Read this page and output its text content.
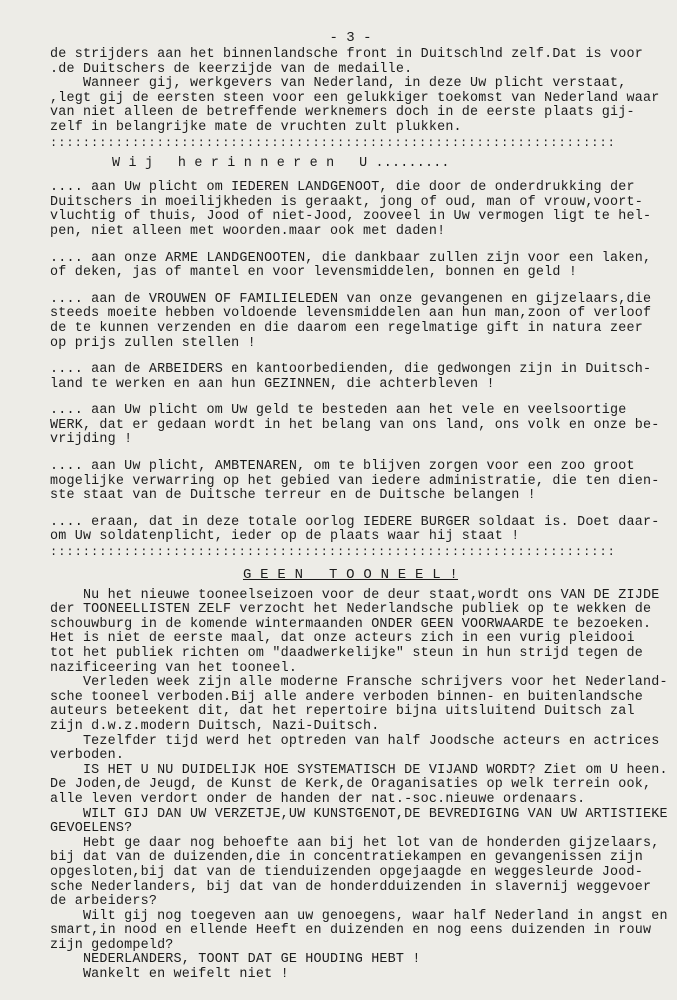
- 3 -
de strijders aan het binnenlandsche front in Duitschlnd zelf.Dat is voor
.de Duitschers de keerzijde van de medaille.
Wanneer gij, werkgevers van Nederland, in deze Uw plicht verstaat,
,legt gij de eersten steen voor een gelukkiger toekomst van Nederland waar
van niet alleen de betreffende werknemers doch in de eerste plaats gij-
zelf in belangrijke mate de vruchten zult plukken.
:::::::::::::::::::::::::::::::::::::::::::::::::::::::::::::::::::::
W i j   h e r i n n e r e n   U .........
.... aan Uw plicht om IEDEREN LANDGENOOT, die door de onderdrukking der
Duitschers in moeilijkheden is geraakt, jong of oud, man of vrouw,voort-
vluchtig of thuis, Jood of niet-Jood, zooveel in Uw vermogen ligt te hel-
pen, niet alleen met woorden.maar ook met daden!
.... aan onze ARME LANDGENOOTEN, die dankbaar zullen zijn voor een laken,
of deken, jas of mantel en voor levensmiddelen, bonnen en geld !
.... aan de VROUWEN OF FAMILIELEDEN van onze gevangenen en gijzelaars,die
steeds moeite hebben voldoende levensmiddelen aan hun man,zoon of verloof
de te kunnen verzenden en die daarom een regelmatige gift in natura zeer
op prijs zullen stellen !
.... aan de ARBEIDERS en kantoorbedienden, die gedwongen zijn in Duitsch-
land te werken en aan hun GEZINNEN, die achterbleven !
.... aan Uw plicht om Uw geld te besteden aan het vele en veelsoortige
WERK, dat er gedaan wordt in het belang van ons land, ons volk en onze be-
vrijding !
.... aan Uw plicht, AMBTENAREN, om te blijven zorgen voor een zoo groot
mogelijke verwarring op het gebied van iedere administratie, die ten dien-
ste staat van de Duitsche terreur en de Duitsche belangen !
.... eraan, dat in deze totale oorlog IEDERE BURGER soldaat is. Doet daar-
om Uw soldatenplicht, ieder op de plaats waar hij staat !
:::::::::::::::::::::::::::::::::::::::::::::::::::::::::::::::::::::
G E E N   T O O N E E L !
Nu het nieuwe tooneelseizoen voor de deur staat,wordt ons VAN DE ZIJDE
der TOONEELLISTEN ZELF verzocht het Nederlandsche publiek op te wekken de
schouwburg in de komende wintermaanden ONDER GEEN VOORWAARDE te bezoeken.
Het is niet de eerste maal, dat onze acteurs zich in een vurig pleidooi
tot het publiek richten om "daadwerkelijke" steun in hun strijd tegen de
nazificeering van het tooneel.
Verleden week zijn alle moderne Fransche schrijvers voor het Nederland-
sche tooneel verboden.Bij alle andere verboden binnen- en buitenlandsche
auteurs beteekent dit, dat het repertoire bijna uitsluitend Duitsch zal
zijn d.w.z.modern Duitsch, Nazi-Duitsch.
Tezelfder tijd werd het optreden van half Joodsche acteurs en actrices
verboden.
IS HET U NU DUIDELIJK HOE SYSTEMATISCH DE VIJAND WORDT? Ziet om U heen.
De Joden,de Jeugd, de Kunst de Kerk,de Oraganisaties op welk terrein ook,
alle leven verdort onder de handen der nat.-soc.nieuwe ordenaars.
WILT GIJ DAN UW VERZETJE,UW KUNSTGENOT,DE BEVREDIGING VAN UW ARTISTIEKE
GEVOELENS?
Hebt ge daar nog behoefte aan bij het lot van de honderden gijzelaars,
bij dat van de duizenden,die in concentratiekampen en gevangenissen zijn
opgesloten,bij dat van de tienduizenden opgejaagde en weggesleurde Jood-
sche Nederlanders, bij dat van de honderdduizenden in slavernij weggevoer
de arbeiders?
Wilt gij nog toegeven aan uw genoegens, waar half Nederland in angst en
smart,in nood en ellende Heeft en duizenden en nog eens duizenden in rouw
zijn gedompeld?
NEDERLANDERS, TOONT DAT GE HOUDING HEBT !
Wankelt en weifelt niet !
